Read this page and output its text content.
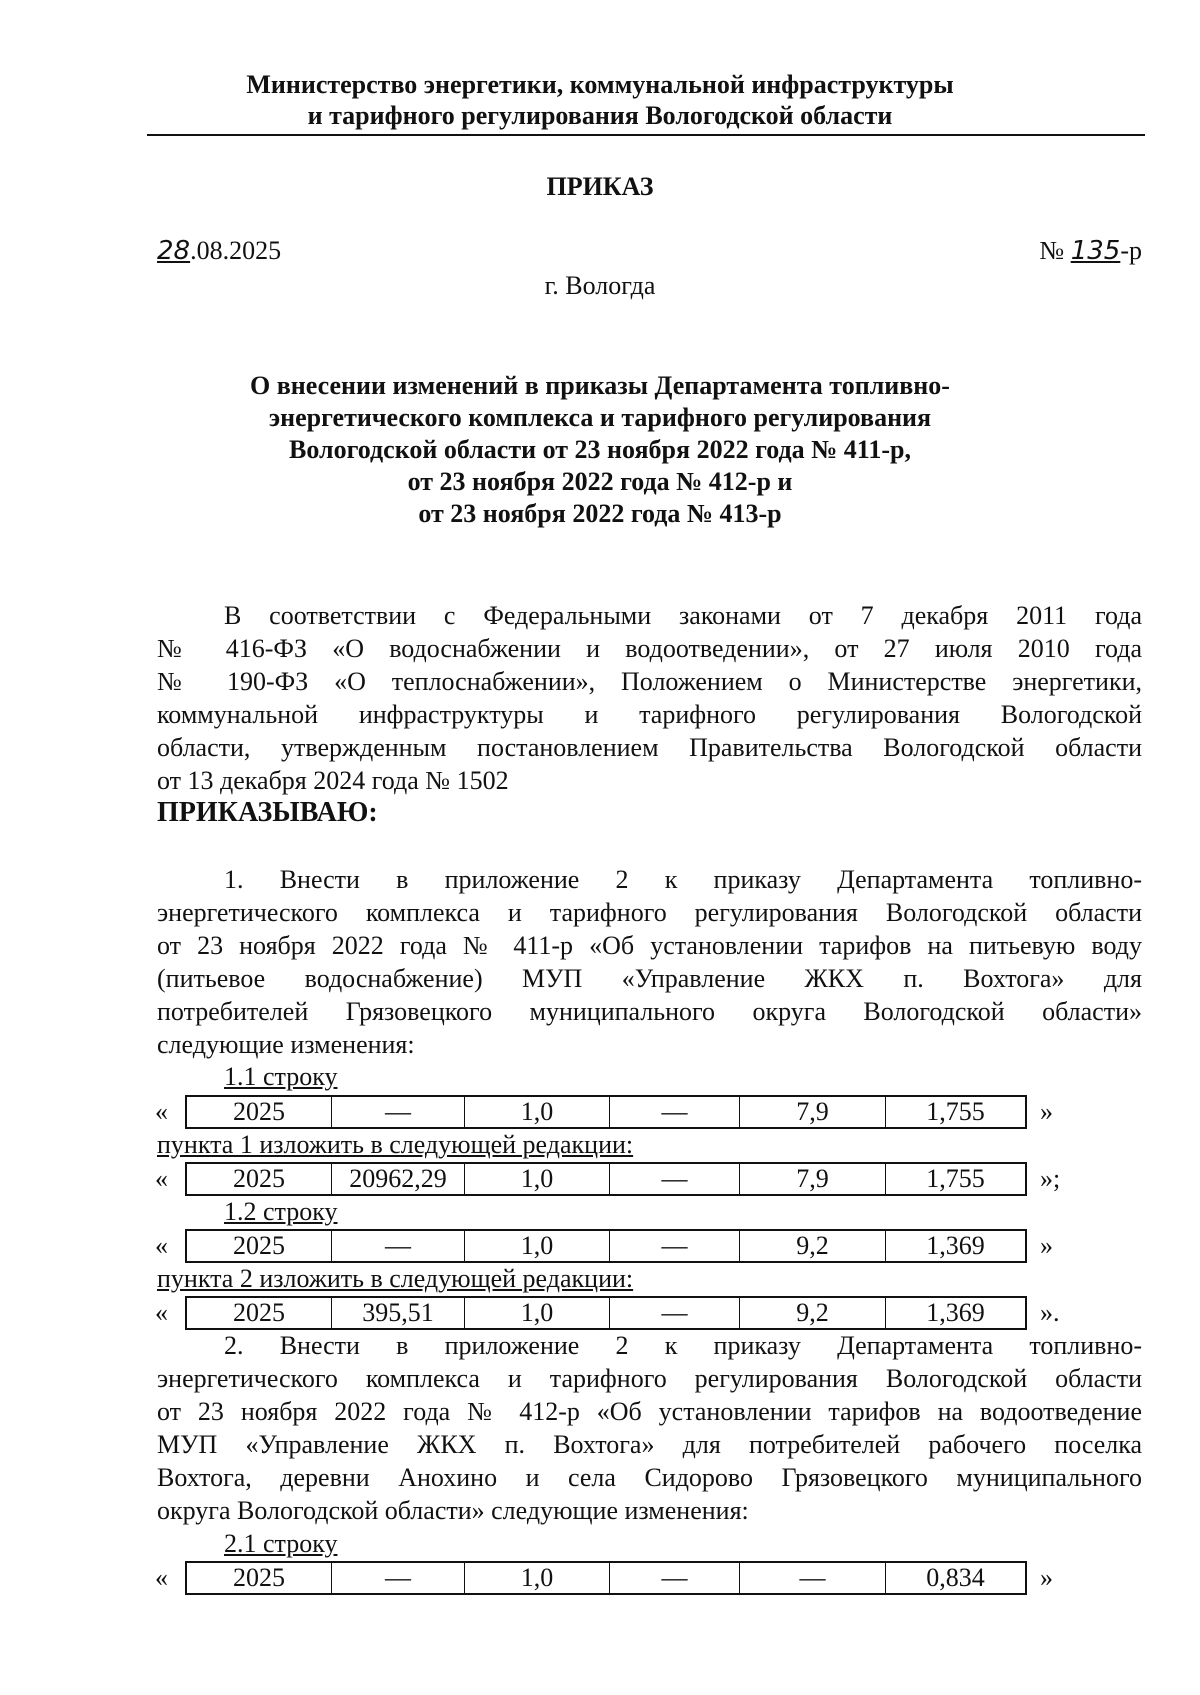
Министерство энергетики, коммунальной инфраструктуры
и тарифного регулирования Вологодской области
ПРИКАЗ
28.08.2025	№ 135-р
г. Вологда
О внесении изменений в приказы Департамента топливно-
энергетического комплекса и тарифного регулирования
Вологодской области от 23 ноября 2022 года № 411-р,
от 23 ноября 2022 года № 412-р и
от 23 ноября 2022 года № 413-р
В соответствии с Федеральными законами от 7 декабря 2011 года
№ 416-ФЗ «О водоснабжении и водоотведении», от 27 июля 2010 года
№ 190-ФЗ «О теплоснабжении», Положением о Министерстве энергетики,
коммунальной инфраструктуры и тарифного регулирования Вологодской
области, утвержденным постановлением Правительства Вологодской области
от 13 декабря 2024 года № 1502
ПРИКАЗЫВАЮ:
1. Внести в приложение 2 к приказу Департамента топливно-
энергетического комплекса и тарифного регулирования Вологодской области
от 23 ноября 2022 года № 411-р «Об установлении тарифов на питьевую воду
(питьевое водоснабжение) МУП «Управление ЖКХ п. Вохтога» для
потребителей Грязовецкого муниципального округа Вологодской области»
следующие изменения:
1.1 строку
«	2025	—	1,0	—	7,9	1,755	»
пункта 1 изложить в следующей редакции:
«	2025	20962,29	1,0	—	7,9	1,755	»;
1.2 строку
«	2025	—	1,0	—	9,2	1,369	»
пункта 2 изложить в следующей редакции:
«	2025	395,51	1,0	—	9,2	1,369	».
2. Внести в приложение 2 к приказу Департамента топливно-
энергетического комплекса и тарифного регулирования Вологодской области
от 23 ноября 2022 года № 412-р «Об установлении тарифов на водоотведение
МУП «Управление ЖКХ п. Вохтога» для потребителей рабочего поселка
Вохтога, деревни Анохино и села Сидорово Грязовецкого муниципального
округа Вологодской области» следующие изменения:
2.1 строку
«	2025	—	1,0	—	—	0,834	»
